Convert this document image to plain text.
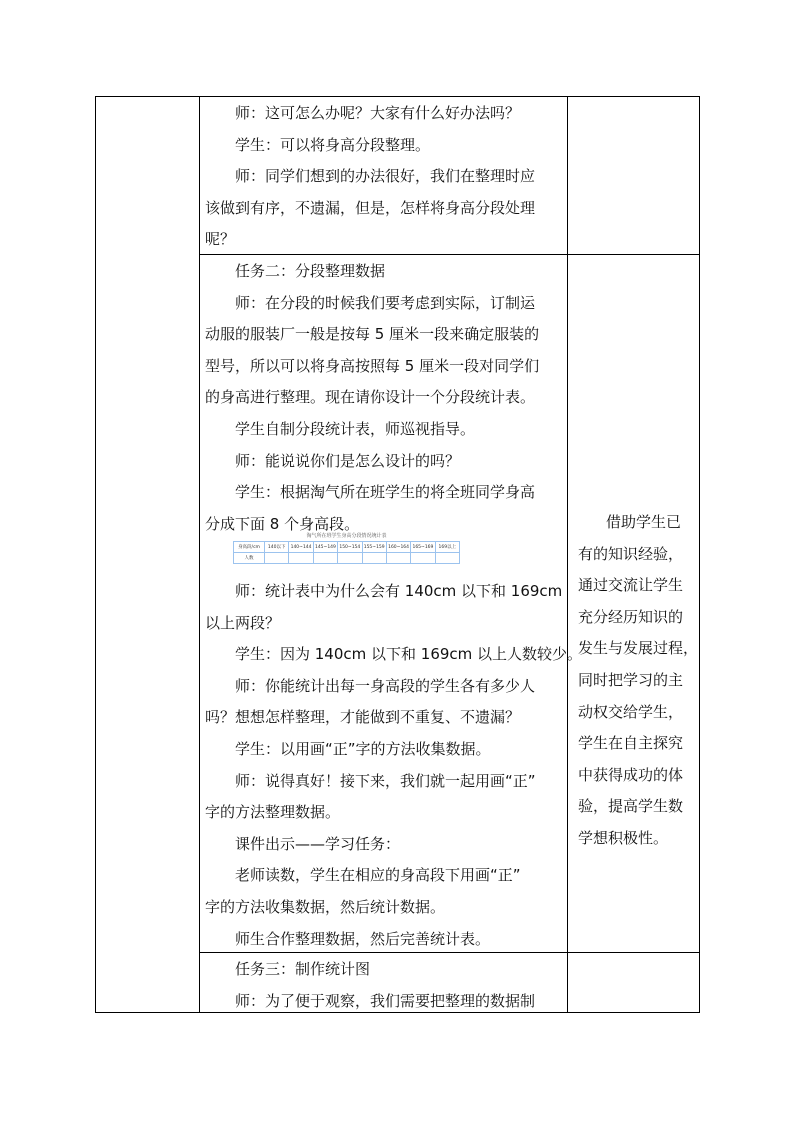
师：这可怎么办呢？大家有什么好办法吗？

学生：可以将身高分段整理。

师：同学们想到的办法很好，我们在整理时应

该做到有序，不遗漏，但是，怎样将身高分段处理

呢？

任务二：分段整理数据

师：在分段的时候我们要考虑到实际，订制运

动服的服装厂一般是按每 5 厘米一段来确定服装的

型号，所以可以将身高按照每 5 厘米一段对同学们

的身高进行整理。现在请你设计一个分段统计表。

学生自制分段统计表，师巡视指导。

师：能说说你们是怎么设计的吗？

学生：根据淘气所在班学生的将全班同学身高

分成下面 8 个身高段。

淘气所在班学生身高分段情况统计表
身高段/cm	140以下	140~144	145~149	150~154	155~159	160~164	165~169	169以上
人数								

师：统计表中为什么会有 140cm 以下和 169cm

以上两段？

学生：因为 140cm 以下和 169cm 以上人数较少。

师：你能统计出每一身高段的学生各有多少人

吗？想想怎样整理，才能做到不重复、不遗漏？

学生：以用画“正”字的方法收集数据。

师：说得真好！接下来，我们就一起用画“正”

字的方法整理数据。

课件出示——学习任务：

老师读数，学生在相应的身高段下用画“正”

字的方法收集数据，然后统计数据。

师生合作整理数据，然后完善统计表。

借助学生已

有的知识经验，

通过交流让学生

充分经历知识的

发生与发展过程，

同时把学习的主

动权交给学生，

学生在自主探究

中获得成功的体

验，提高学生数

学想积极性。

任务三：制作统计图

师：为了便于观察，我们需要把整理的数据制
